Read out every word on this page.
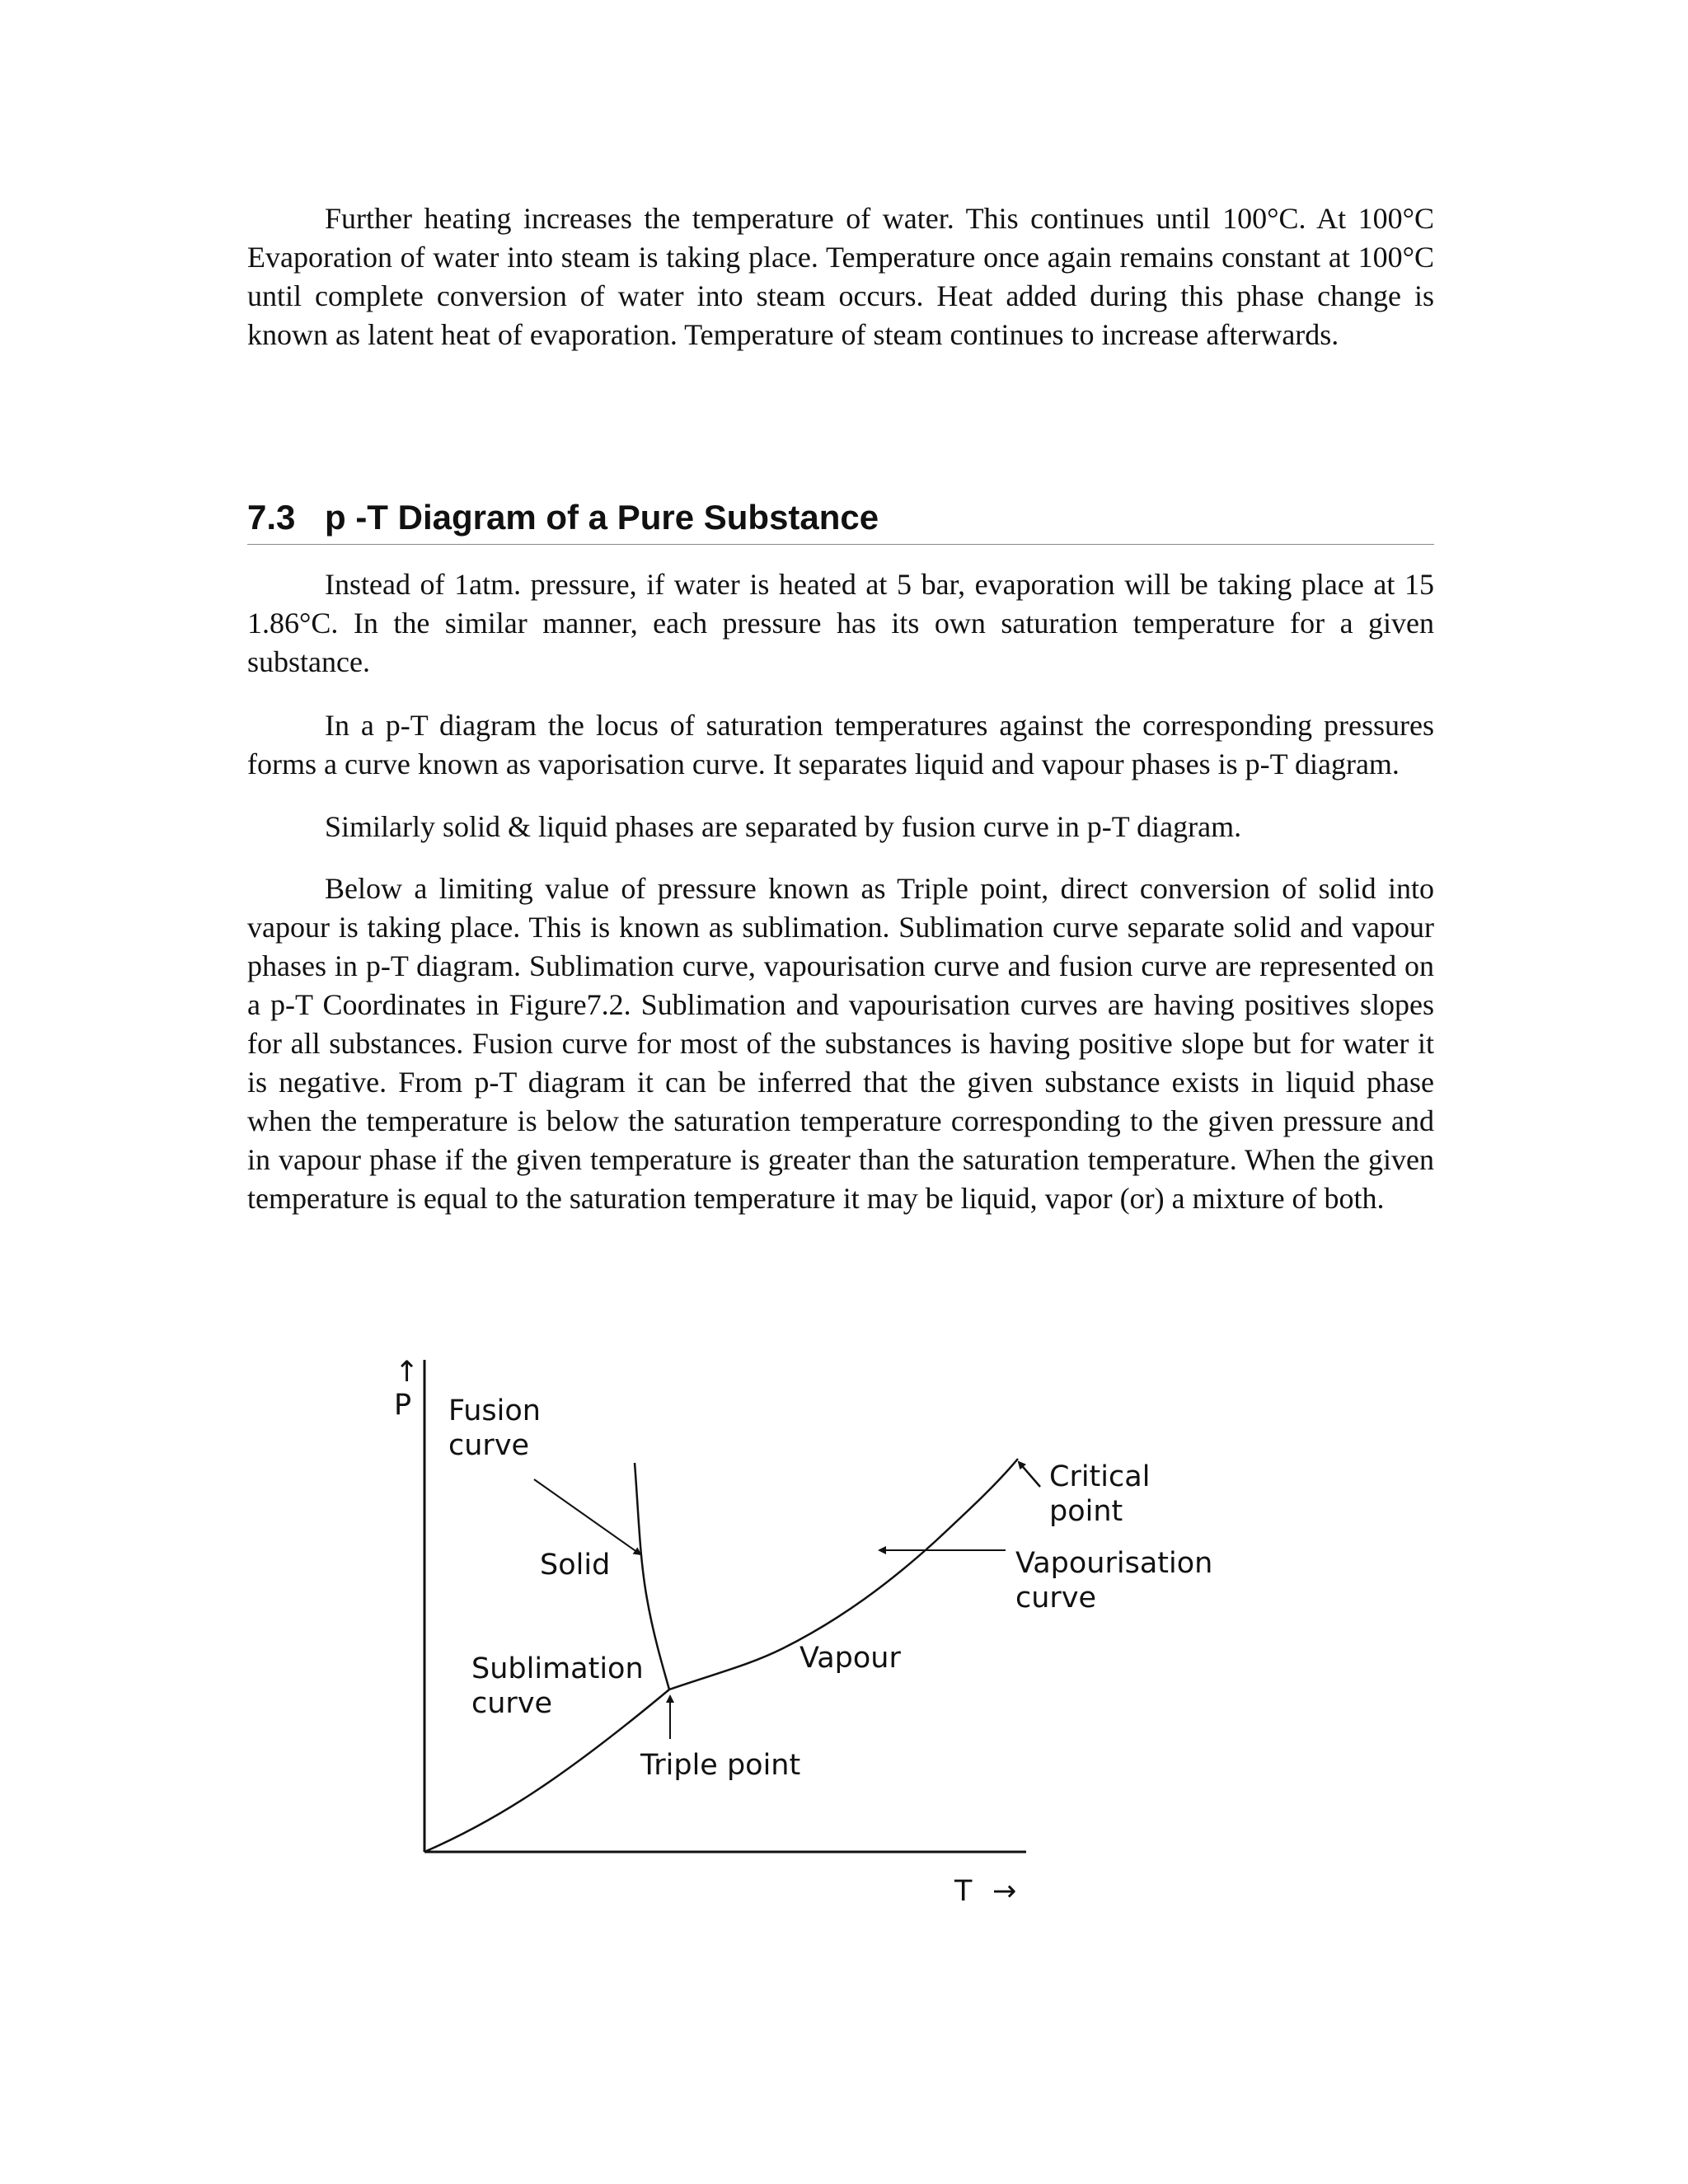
Further heating increases the temperature of water. This continues until 100°C. At 100°C Evaporation of water into steam is taking place. Temperature once again remains constant at 100°C until complete conversion of water into steam occurs. Heat added during this phase change is known as latent heat of evaporation. Temperature of steam continues to increase afterwards.

7.3 p -T Diagram of a Pure Substance

Instead of 1atm. pressure, if water is heated at 5 bar, evaporation will be taking place at 15 1.86°C. In the similar manner, each pressure has its own saturation temperature for a given substance.

In a p-T diagram the locus of saturation temperatures against the corresponding pressures forms a curve known as vaporisation curve. It separates liquid and vapour phases is p-T diagram.

Similarly solid & liquid phases are separated by fusion curve in p-T diagram.

Below a limiting value of pressure known as Triple point, direct conversion of solid into vapour is taking place. This is known as sublimation. Sublimation curve separate solid and vapour phases in p-T diagram. Sublimation curve, vapourisation curve and fusion curve are represented on a p-T Coordinates in Figure7.2. Sublimation and vapourisation curves are having positives slopes for all substances. Fusion curve for most of the substances is having positive slope but for water it is negative. From p-T diagram it can be inferred that the given substance exists in liquid phase when the temperature is below the saturation temperature corresponding to the given pressure and in vapour phase if the given temperature is greater than the saturation temperature. When the given temperature is equal to the saturation temperature it may be liquid, vapor (or) a mixture of both.

↑
P
T →
Fusion
curve
Solid
Sublimation
curve
Triple point
Vapour
Critical
point
Vapourisation
curve
